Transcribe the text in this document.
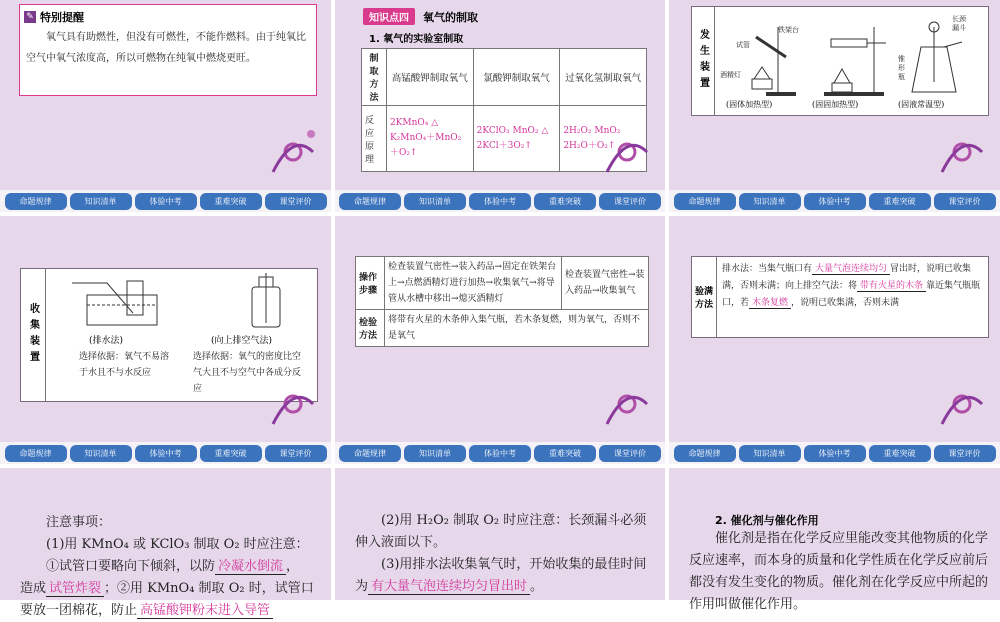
✎ 特别提醒
氧气具有助燃性，但没有可燃性，不能作燃料。由于纯氧比空气中氧气浓度高，所以可燃物在纯氧中燃烧更旺。
命题规律	知识清单	体验中考	重难突破	课堂评价
知识点四	氧气的制取
1. 氧气的实验室制取
制取方法	高锰酸钾制取氧气	氯酸钾制取氧气	过氧化氢制取氧气
反应原理	2KMnO₄ △
K₂MnO₄＋MnO₂
＋O₂↑	2KClO₃ MnO₂ △
2KCl＋3O₂↑	2H₂O₂ MnO₂
2H₂O＋O₂↑
命题规律	知识清单	体验中考	重难突破	课堂评价
发生装置	试管
铁架台
酒精灯
长颈
漏斗
锥
形
瓶
(固体加热型)	(固固加热型)	(固液常温型)
命题规律	知识清单	体验中考	重难突破	课堂评价
收集装置	(排水法)	(向上排空气法)
选择依据：氧气不易溶于水且不与水反应
选择依据：氧气的密度比空气大且不与空气中各成分反应
命题规律	知识清单	体验中考	重难突破	课堂评价
操作步骤	检查装置气密性→装入药品→固定在铁架台上→点燃酒精灯进行加热→收集氧气→将导管从水槽中移出→熄灭酒精灯	检查装置气密性→装入药品→收集氧气
检验方法	将带有火星的木条伸入集气瓶，若木条复燃，则为氧气，否则不是氧气	
命题规律	知识清单	体验中考	重难突破	课堂评价
验满方法
排水法：当集气瓶口有 大量气泡连续均匀 冒出时，说明已收集满，否则未满；向上排空气法：将 带有火星的木条 靠近集气瓶瓶口，若 木条复燃 ，说明已收集满，否则未满
命题规律	知识清单	体验中考	重难突破	课堂评价
注意事项：
(1)用 KMnO₄ 或 KClO₃ 制取 O₂ 时应注意：
①试管口要略向下倾斜，以防 冷凝水倒流 ，
造成 试管炸裂 ；②用 KMnO₄ 制取 O₂ 时，试管口
要放一团棉花，防止 高锰酸钾粉末进入导管
(2)用 H₂O₂ 制取 O₂ 时应注意：长颈漏斗必须伸入液面以下。
(3)用排水法收集氧气时，开始收集的最佳时间为 有大量气泡连续均匀冒出时 。
2. 催化剂与催化作用
催化剂是指在化学反应里能改变其他物质的化学反应速率，而本身的质量和化学性质在化学反应前后都没有发生变化的物质。催化剂在化学反应中所起的作用叫做催化作用。
